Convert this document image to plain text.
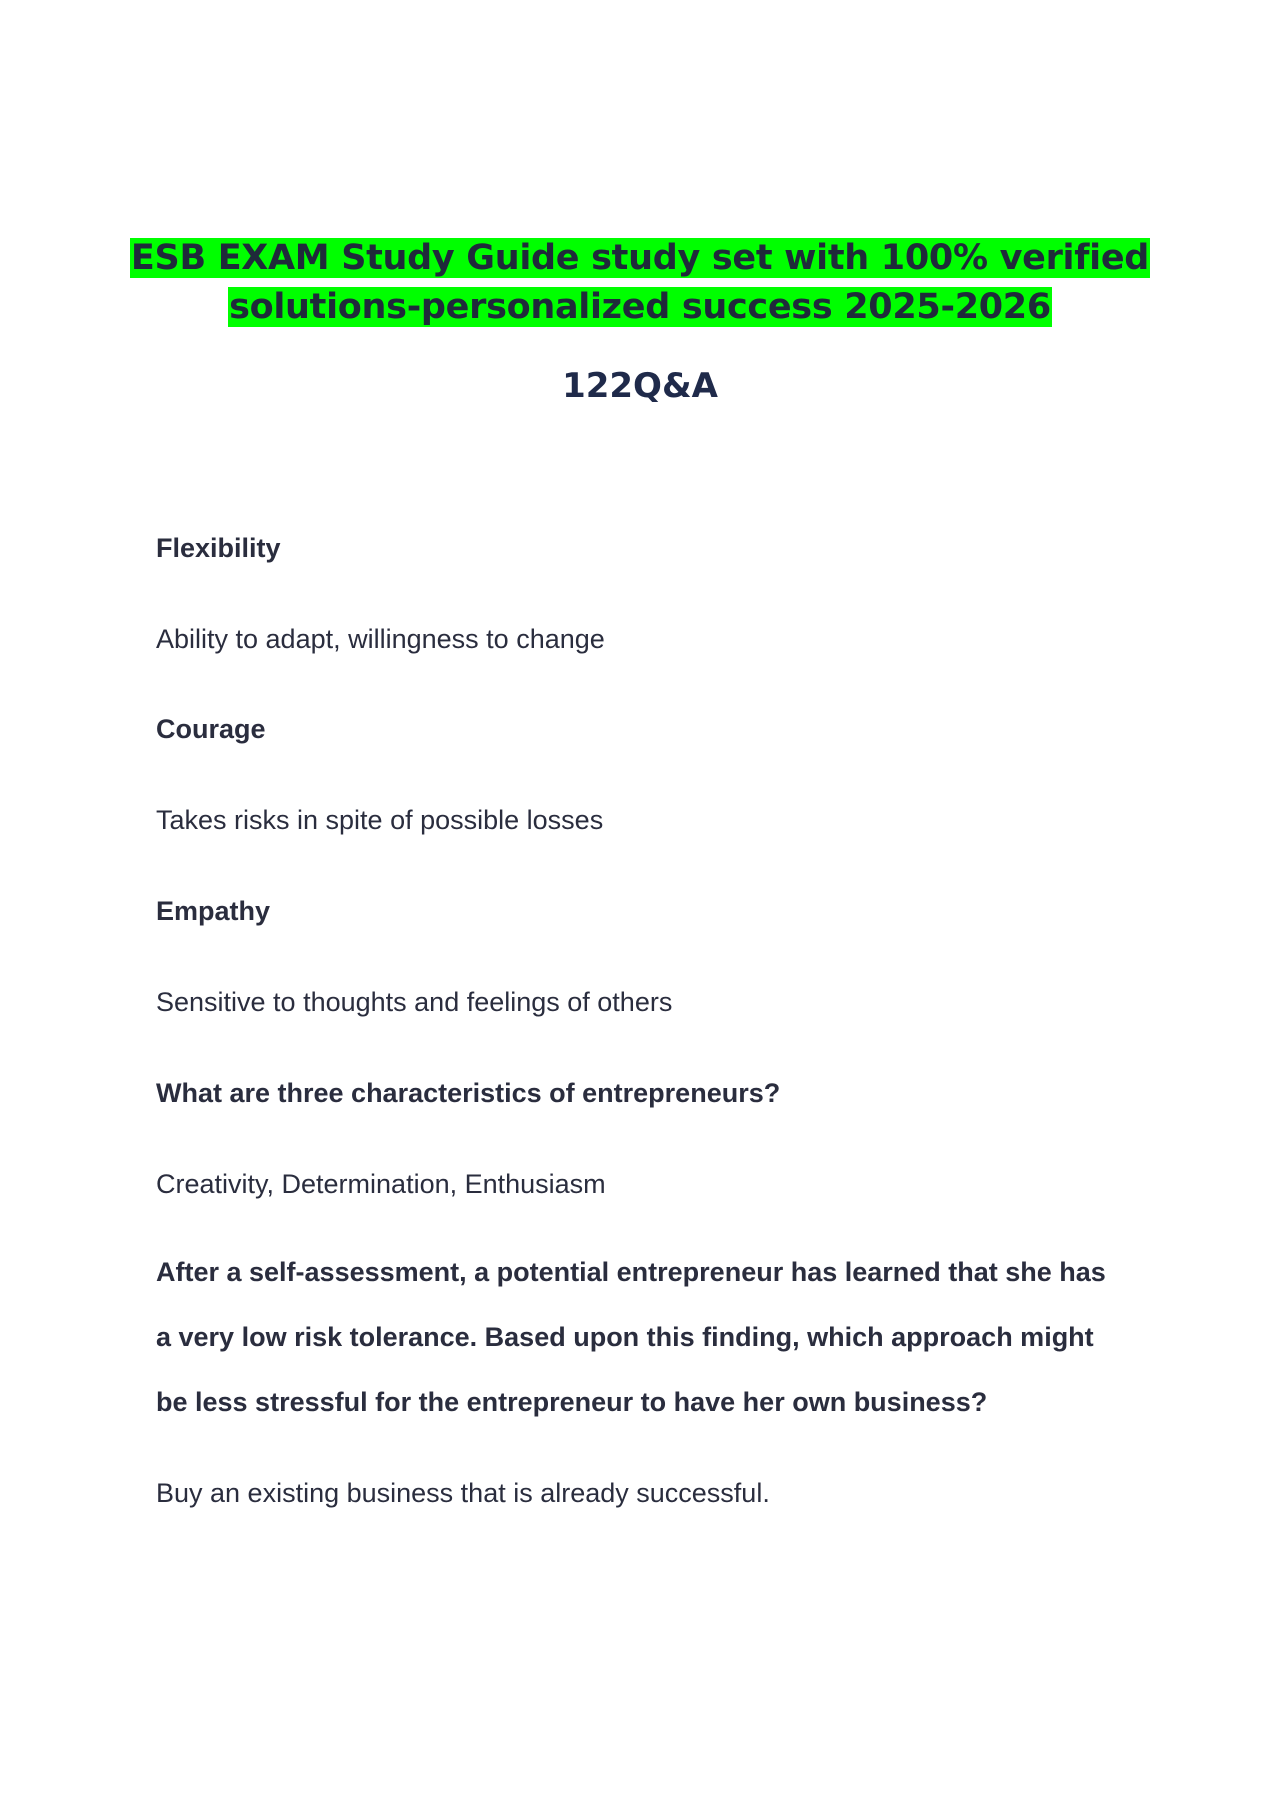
ESB EXAM Study Guide study set with 100% verified solutions-personalized success 2025-2026
122Q&A

Flexibility

Ability to adapt, willingness to change

Courage

Takes risks in spite of possible losses

Empathy

Sensitive to thoughts and feelings of others

What are three characteristics of entrepreneurs?

Creativity, Determination, Enthusiasm

After a self-assessment, a potential entrepreneur has learned that she has a very low risk tolerance. Based upon this finding, which approach might be less stressful for the entrepreneur to have her own business?

Buy an existing business that is already successful.
